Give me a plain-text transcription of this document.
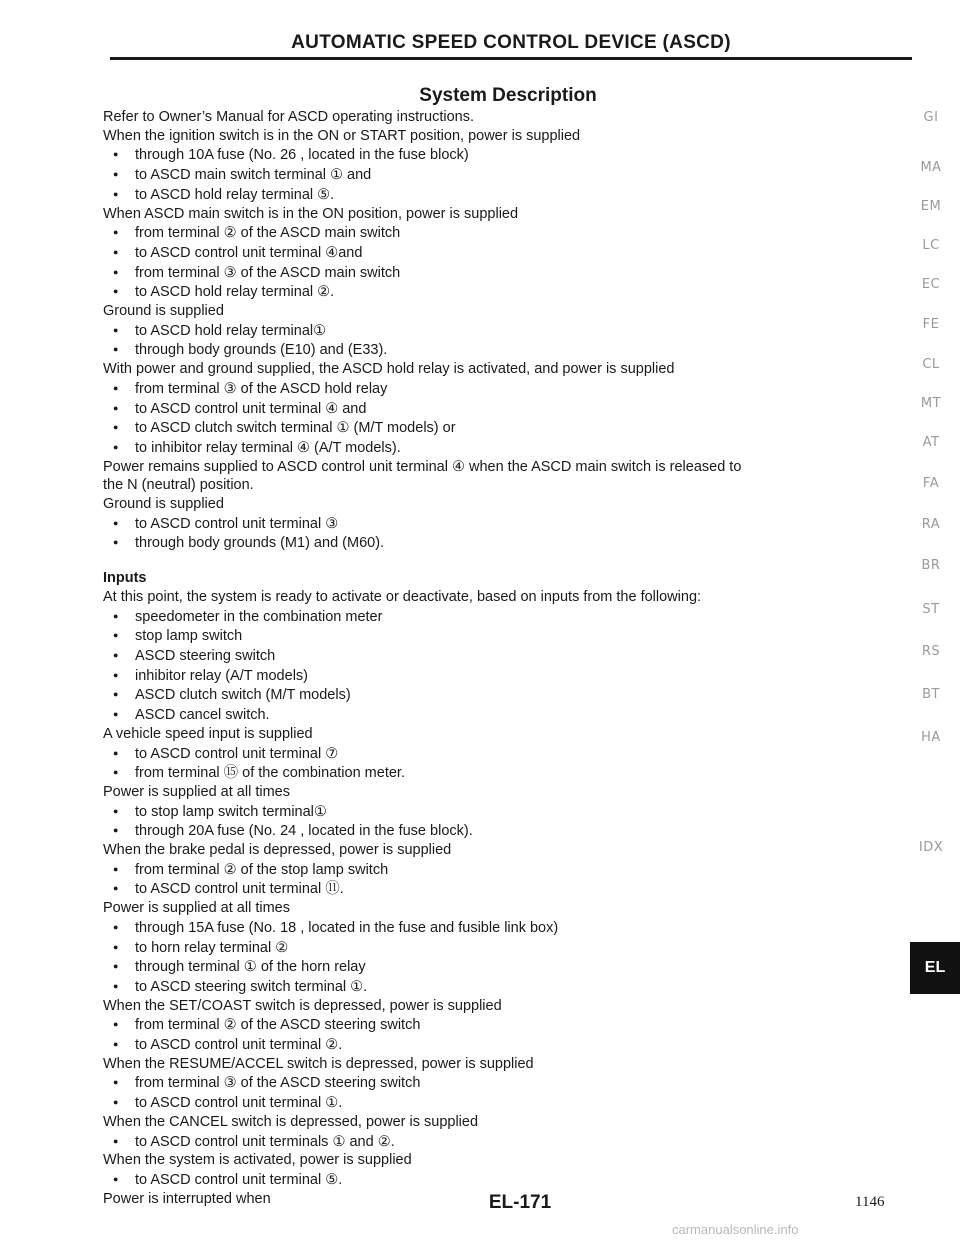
AUTOMATIC SPEED CONTROL DEVICE (ASCD)
System Description
Refer to Owner’s Manual for ASCD operating instructions.
When the ignition switch is in the ON or START position, power is supplied
● through 10A fuse (No. 26 , located in the fuse block)
● to ASCD main switch terminal ① and
● to ASCD hold relay terminal ⑤.
When ASCD main switch is in the ON position, power is supplied
● from terminal ② of the ASCD main switch
● to ASCD control unit terminal ④and
● from terminal ③ of the ASCD main switch
● to ASCD hold relay terminal ②.
Ground is supplied
● to ASCD hold relay terminal①
● through body grounds (E10) and (E33).
With power and ground supplied, the ASCD hold relay is activated, and power is supplied
● from terminal ③ of the ASCD hold relay
● to ASCD control unit terminal ④ and
● to ASCD clutch switch terminal ① (M/T models) or
● to inhibitor relay terminal ④ (A/T models).
Power remains supplied to ASCD control unit terminal ④ when the ASCD main switch is released to
the N (neutral) position.
Ground is supplied
● to ASCD control unit terminal ③
● through body grounds (M1) and (M60).
Inputs
At this point, the system is ready to activate or deactivate, based on inputs from the following:
● speedometer in the combination meter
● stop lamp switch
● ASCD steering switch
● inhibitor relay (A/T models)
● ASCD clutch switch (M/T models)
● ASCD cancel switch.
A vehicle speed input is supplied
● to ASCD control unit terminal ⑦
● from terminal ⑮ of the combination meter.
Power is supplied at all times
● to stop lamp switch terminal①
● through 20A fuse (No. 24 , located in the fuse block).
When the brake pedal is depressed, power is supplied
● from terminal ② of the stop lamp switch
● to ASCD control unit terminal ⑪.
Power is supplied at all times
● through 15A fuse (No. 18 , located in the fuse and fusible link box)
● to horn relay terminal ②
● through terminal ① of the horn relay
● to ASCD steering switch terminal ①.
When the SET/COAST switch is depressed, power is supplied
● from terminal ② of the ASCD steering switch
● to ASCD control unit terminal ②.
When the RESUME/ACCEL switch is depressed, power is supplied
● from terminal ③ of the ASCD steering switch
● to ASCD control unit terminal ①.
When the CANCEL switch is depressed, power is supplied
● to ASCD control unit terminals ① and ②.
When the system is activated, power is supplied
● to ASCD control unit terminal ⑤.
Power is interrupted when
GI
MA
EM
LC
EC
FE
CL
MT
AT
FA
RA
BR
ST
RS
BT
HA
IDX
EL
EL-171	1146
carmanualsonline.info
